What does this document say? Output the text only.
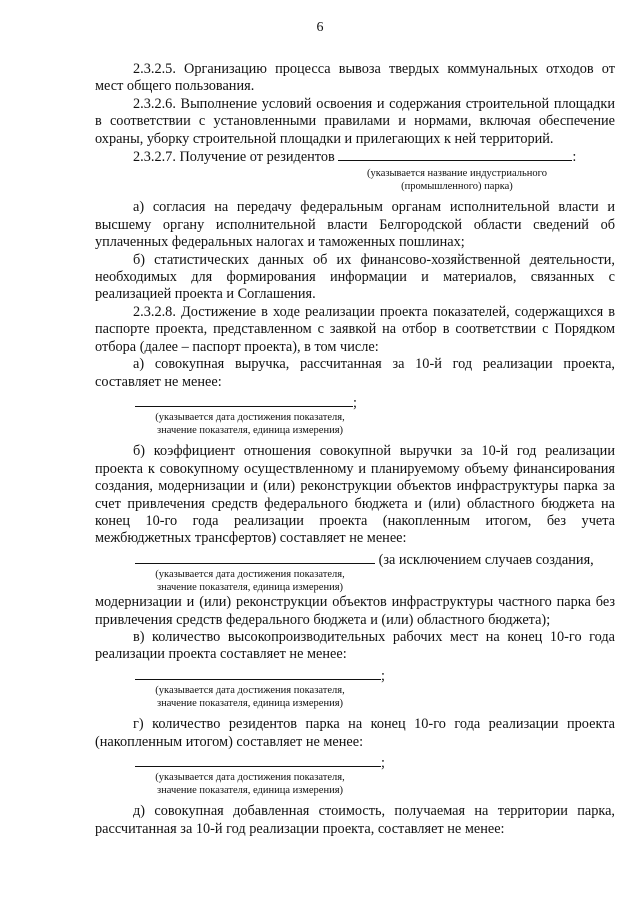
6

2.3.2.5. Организацию процесса вывоза твердых коммунальных отходов от мест общего пользования.

2.3.2.6. Выполнение условий освоения и содержания строительной площадки в соответствии с установленными правилами и нормами, включая обеспечение охраны, уборку строительной площадки и прилегающих к ней территорий.

2.3.2.7. Получение от резидентов	:

(указывается название индустриального
(промышленного) парка)

а) согласия на передачу федеральным органам исполнительной власти и высшему органу исполнительной власти Белгородской области сведений об уплаченных федеральных налогах и таможенных пошлинах;

б) статистических данных об их финансово-хозяйственной деятельности, необходимых для формирования информации и материалов, связанных с реализацией проекта и Соглашения.

2.3.2.8. Достижение в ходе реализации проекта показателей, содержащихся в паспорте проекта, представленном с заявкой на отбор в соответствии с Порядком отбора (далее – паспорт проекта), в том числе:

а) совокупная выручка, рассчитанная за 10-й год реализации проекта, составляет не менее:

;
(указывается дата достижения показателя,
значение показателя, единица измерения)

б) коэффициент отношения совокупной выручки за 10-й год реализации проекта к совокупному осуществленному и планируемому объему финансирования создания, модернизации и (или) реконструкции объектов инфраструктуры парка за счет привлечения средств федерального бюджета и (или) областного бюджета на конец 10-го года реализации проекта (накопленным итогом, без учета межбюджетных трансфертов) составляет не менее:

(за исключением случаев создания,
(указывается дата достижения показателя,
значение показателя, единица измерения)

модернизации и (или) реконструкции объектов инфраструктуры частного парка без привлечения средств федерального бюджета и (или) областного бюджета);

в) количество высокопроизводительных рабочих мест на конец 10-го года реализации проекта составляет не менее:

;
(указывается дата достижения показателя,
значение показателя, единица измерения)

г) количество резидентов парка на конец 10-го года реализации проекта (накопленным итогом) составляет не менее:

;
(указывается дата достижения показателя,
значение показателя, единица измерения)

д) совокупная добавленная стоимость, получаемая на территории парка, рассчитанная за 10-й год реализации проекта, составляет не менее:
